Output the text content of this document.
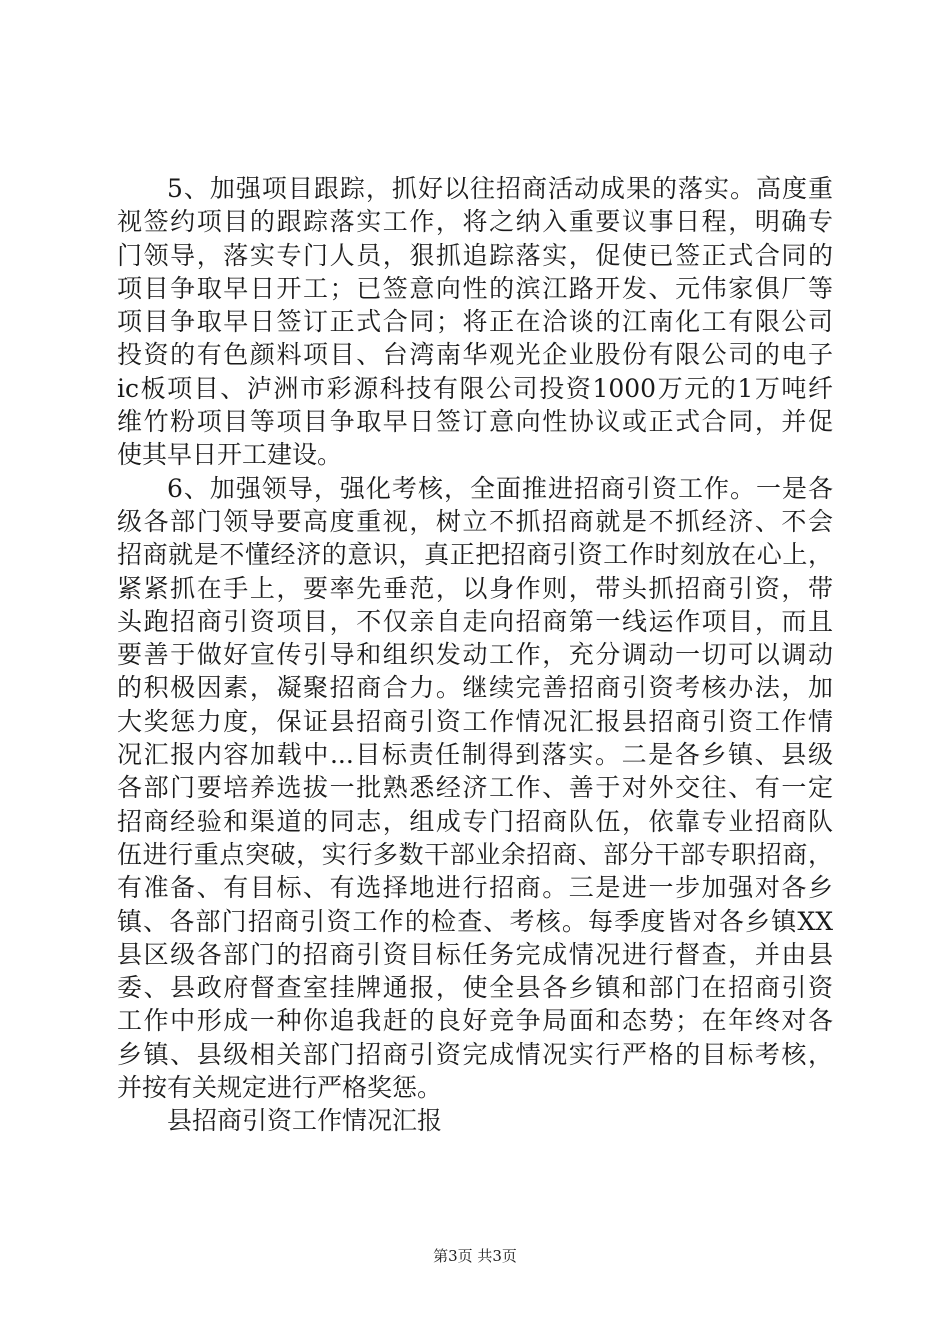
5、加强项目跟踪，抓好以往招商活动成果的落实。高度重
视签约项目的跟踪落实工作，将之纳入重要议事日程，明确专
门领导，落实专门人员，狠抓追踪落实，促使已签正式合同的
项目争取早日开工；已签意向性的滨江路开发、元伟家俱厂等
项目争取早日签订正式合同；将正在洽谈的江南化工有限公司
投资的有色颜料项目、台湾南华观光企业股份有限公司的电子
ic板项目、泸洲市彩源科技有限公司投资1000万元的1万吨纤
维竹粉项目等项目争取早日签订意向性协议或正式合同，并促
使其早日开工建设。
6、加强领导，强化考核，全面推进招商引资工作。一是各
级各部门领导要高度重视，树立不抓招商就是不抓经济、不会
招商就是不懂经济的意识，真正把招商引资工作时刻放在心上，
紧紧抓在手上，要率先垂范，以身作则，带头抓招商引资，带
头跑招商引资项目，不仅亲自走向招商第一线运作项目，而且
要善于做好宣传引导和组织发动工作，充分调动一切可以调动
的积极因素，凝聚招商合力。继续完善招商引资考核办法，加
大奖惩力度，保证县招商引资工作情况汇报县招商引资工作情
况汇报内容加载中...目标责任制得到落实。二是各乡镇、县级
各部门要培养选拔一批熟悉经济工作、善于对外交往、有一定
招商经验和渠道的同志，组成专门招商队伍，依靠专业招商队
伍进行重点突破，实行多数干部业余招商、部分干部专职招商，
有准备、有目标、有选择地进行招商。三是进一步加强对各乡
镇、各部门招商引资工作的检查、考核。每季度皆对各乡镇XX
县区级各部门的招商引资目标任务完成情况进行督查，并由县
委、县政府督查室挂牌通报，使全县各乡镇和部门在招商引资
工作中形成一种你追我赶的良好竞争局面和态势；在年终对各
乡镇、县级相关部门招商引资完成情况实行严格的目标考核，
并按有关规定进行严格奖惩。
县招商引资工作情况汇报
第3页 共3页
